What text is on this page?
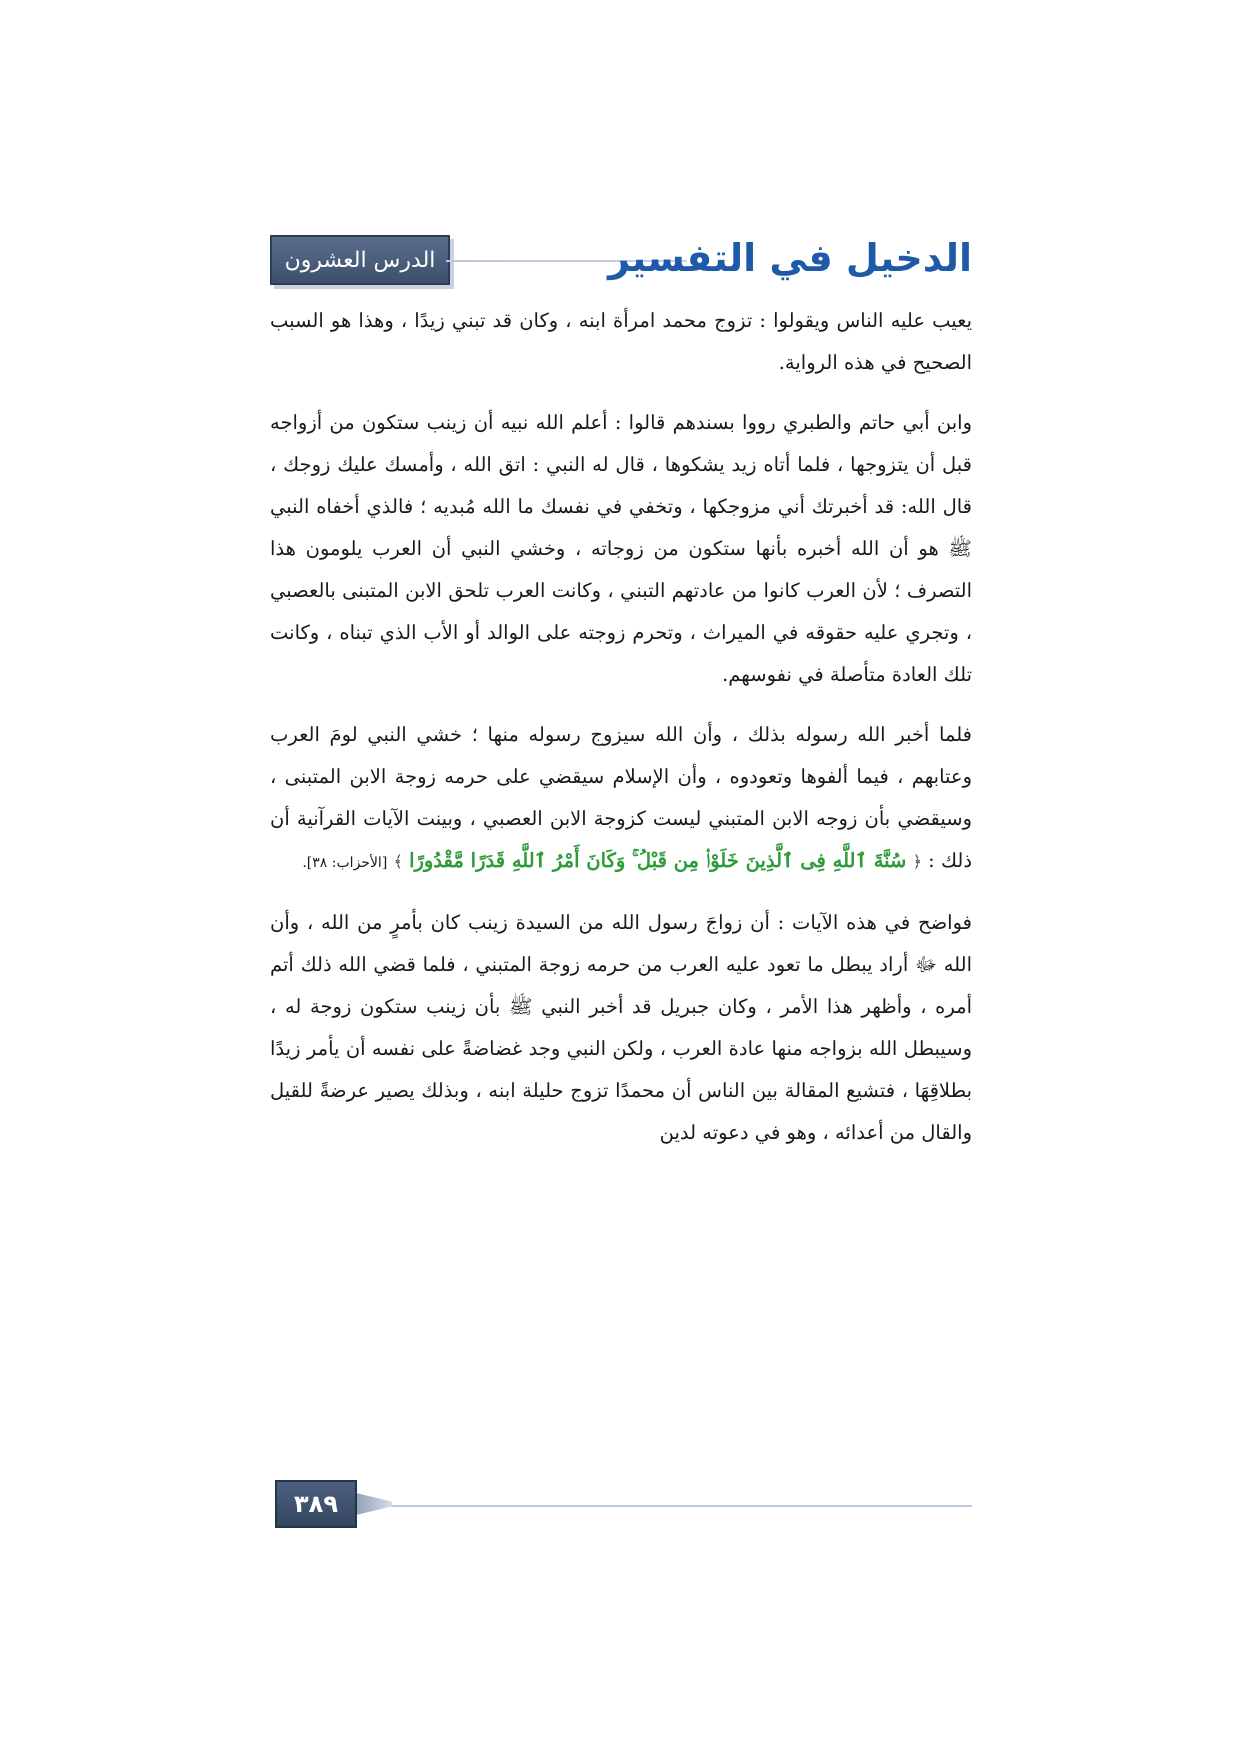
الدرس العشرون	الدخيل في التفسير

يعيب عليه الناس ويقولوا : تزوج محمد امرأة ابنه ، وكان قد تبني زيدًا ، وهذا هو السبب الصحيح في هذه الرواية.

وابن أبي حاتم والطبري رووا بسندهم قالوا : أعلم الله نبيه أن زينب ستكون من أزواجه قبل أن يتزوجها ، فلما أتاه زيد يشكوها ، قال له النبي : اتق الله ، وأمسك عليك زوجك ، قال الله: قد أخبرتك أني مزوجكها ، وتخفي في نفسك ما الله مُبديه ؛ فالذي أخفاه النبي ﷺ هو أن الله أخبره بأنها ستكون من زوجاته ، وخشي النبي أن العرب يلومون هذا التصرف ؛ لأن العرب كانوا من عادتهم التبني ، وكانت العرب تلحق الابن المتبنى بالعصبي ، وتجري عليه حقوقه في الميراث ، وتحرم زوجته على الوالد أو الأب الذي تبناه ، وكانت تلك العادة متأصلة في نفوسهم.

فلما أخبر الله رسوله بذلك ، وأن الله سيزوج رسوله منها ؛ خشي النبي لومَ العرب وعتابهم ، فيما ألفوها وتعودوه ، وأن الإسلام سيقضي على حرمه زوجة الابن المتبنى ، وسيقضي بأن زوجه الابن المتبني ليست كزوجة الابن العصبي ، وبينت الآيات القرآنية أن ذلك : ﴿ سُنَّةَ ٱللَّهِ فِى ٱلَّذِينَ خَلَوْا۟ مِن قَبْلُ ۚ وَكَانَ أَمْرُ ٱللَّهِ قَدَرًا مَّقْدُورًا ﴾ [الأحزاب: ٣٨].

فواضح في هذه الآيات : أن زواجَ رسول الله من السيدة زينب كان بأمرٍ من الله ، وأن الله ﷻ أراد يبطل ما تعود عليه العرب من حرمه زوجة المتبني ، فلما قضي الله ذلك أتم أمره ، وأظهر هذا الأمر ، وكان جبريل قد أخبر النبي ﷺ بأن زينب ستكون زوجة له ، وسيبطل الله بزواجه منها عادة العرب ، ولكن النبي وجد غضاضةً على نفسه أن يأمر زيدًا بطلاقِهَا ، فتشيع المقالة بين الناس أن محمدًا تزوج حليلة ابنه ، وبذلك يصير عرضةً للقيل والقال من أعدائه ، وهو في دعوته لدين

٣٨٩
